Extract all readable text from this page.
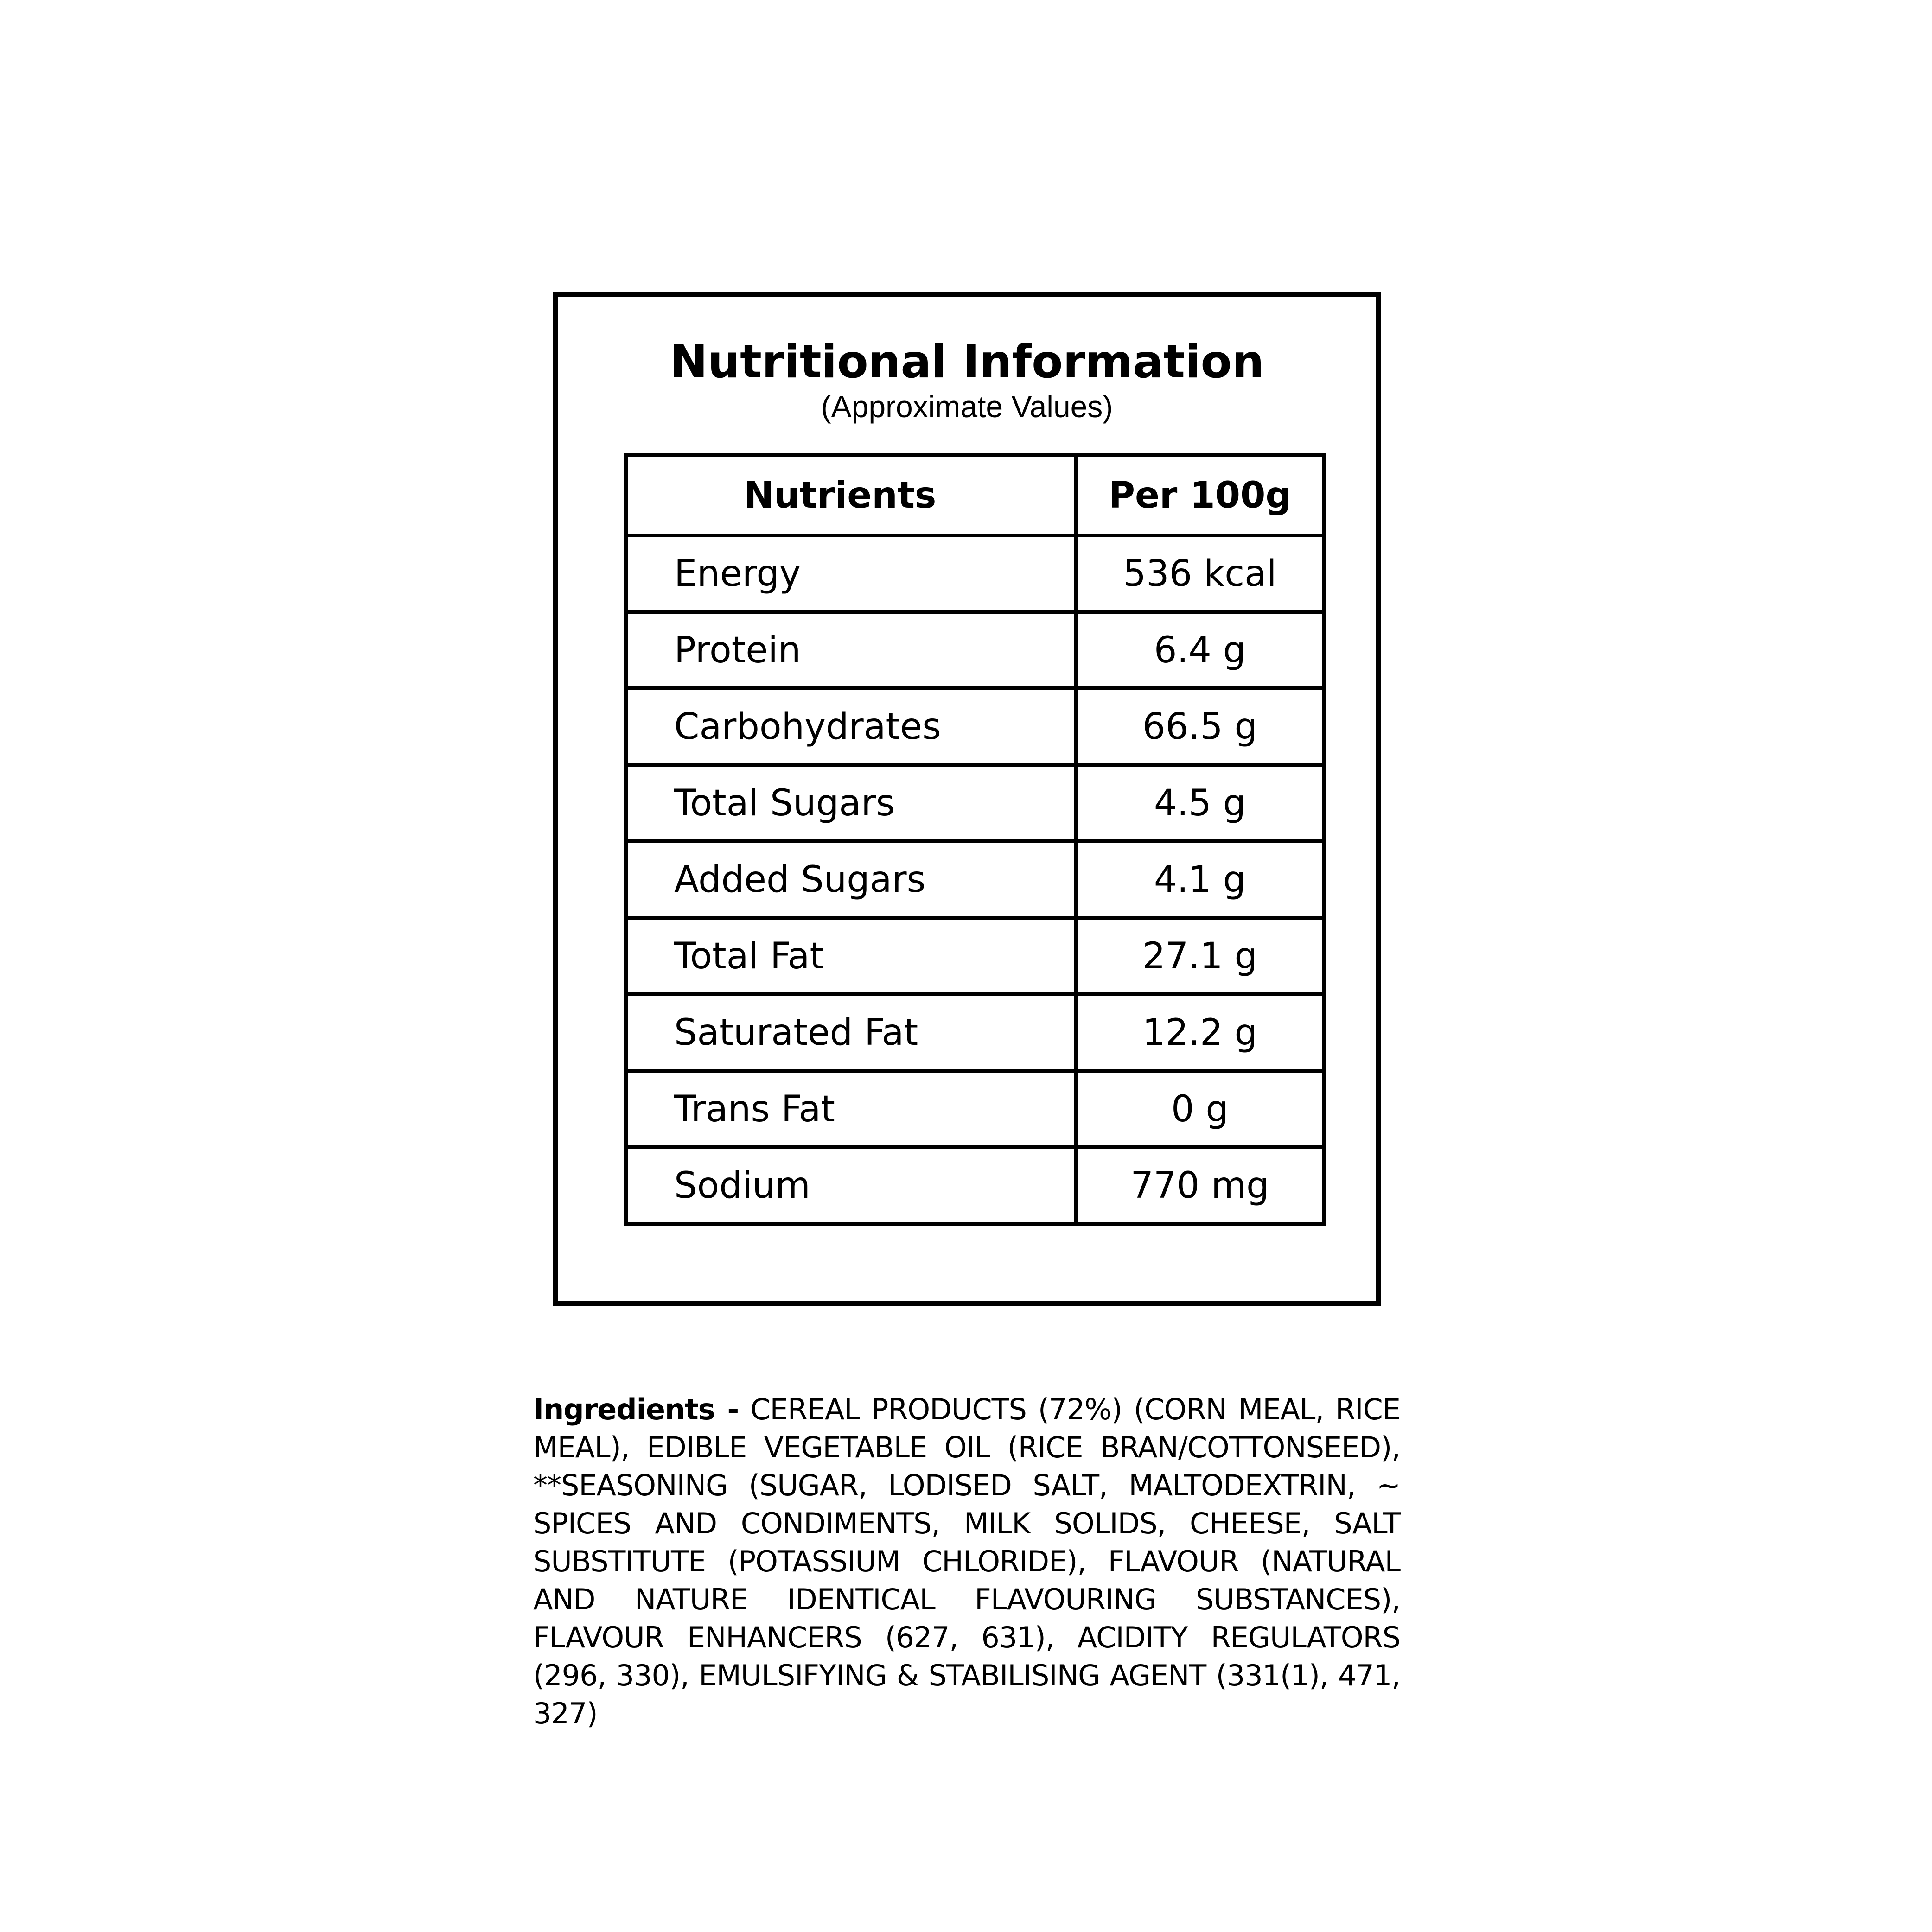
Nutritional Information
(Approximate Values)
Nutrients	Per 100g
Energy	536 kcal
Protein	6.4 g
Carbohydrates	66.5 g
Total Sugars	4.5 g
Added Sugars	4.1 g
Total Fat	27.1 g
Saturated Fat	12.2 g
Trans Fat	0 g
Sodium	770 mg

Ingredients - CEREAL PRODUCTS (72%) (CORN MEAL, RICE MEAL), EDIBLE VEGETABLE OIL (RICE BRAN/COTTONSEED), **SEASONING (SUGAR, LODISED SALT, MALTODEXTRIN, ~ SPICES AND CONDIMENTS, MILK SOLIDS, CHEESE, SALT SUBSTITUTE (POTASSIUM CHLORIDE), FLAVOUR (NATURAL AND NATURE IDENTICAL FLAVOURING SUBSTANCES), FLAVOUR ENHANCERS (627, 631), ACIDITY REGULATORS (296, 330), EMULSIFYING & STABILISING AGENT (331(1), 471, 327)
